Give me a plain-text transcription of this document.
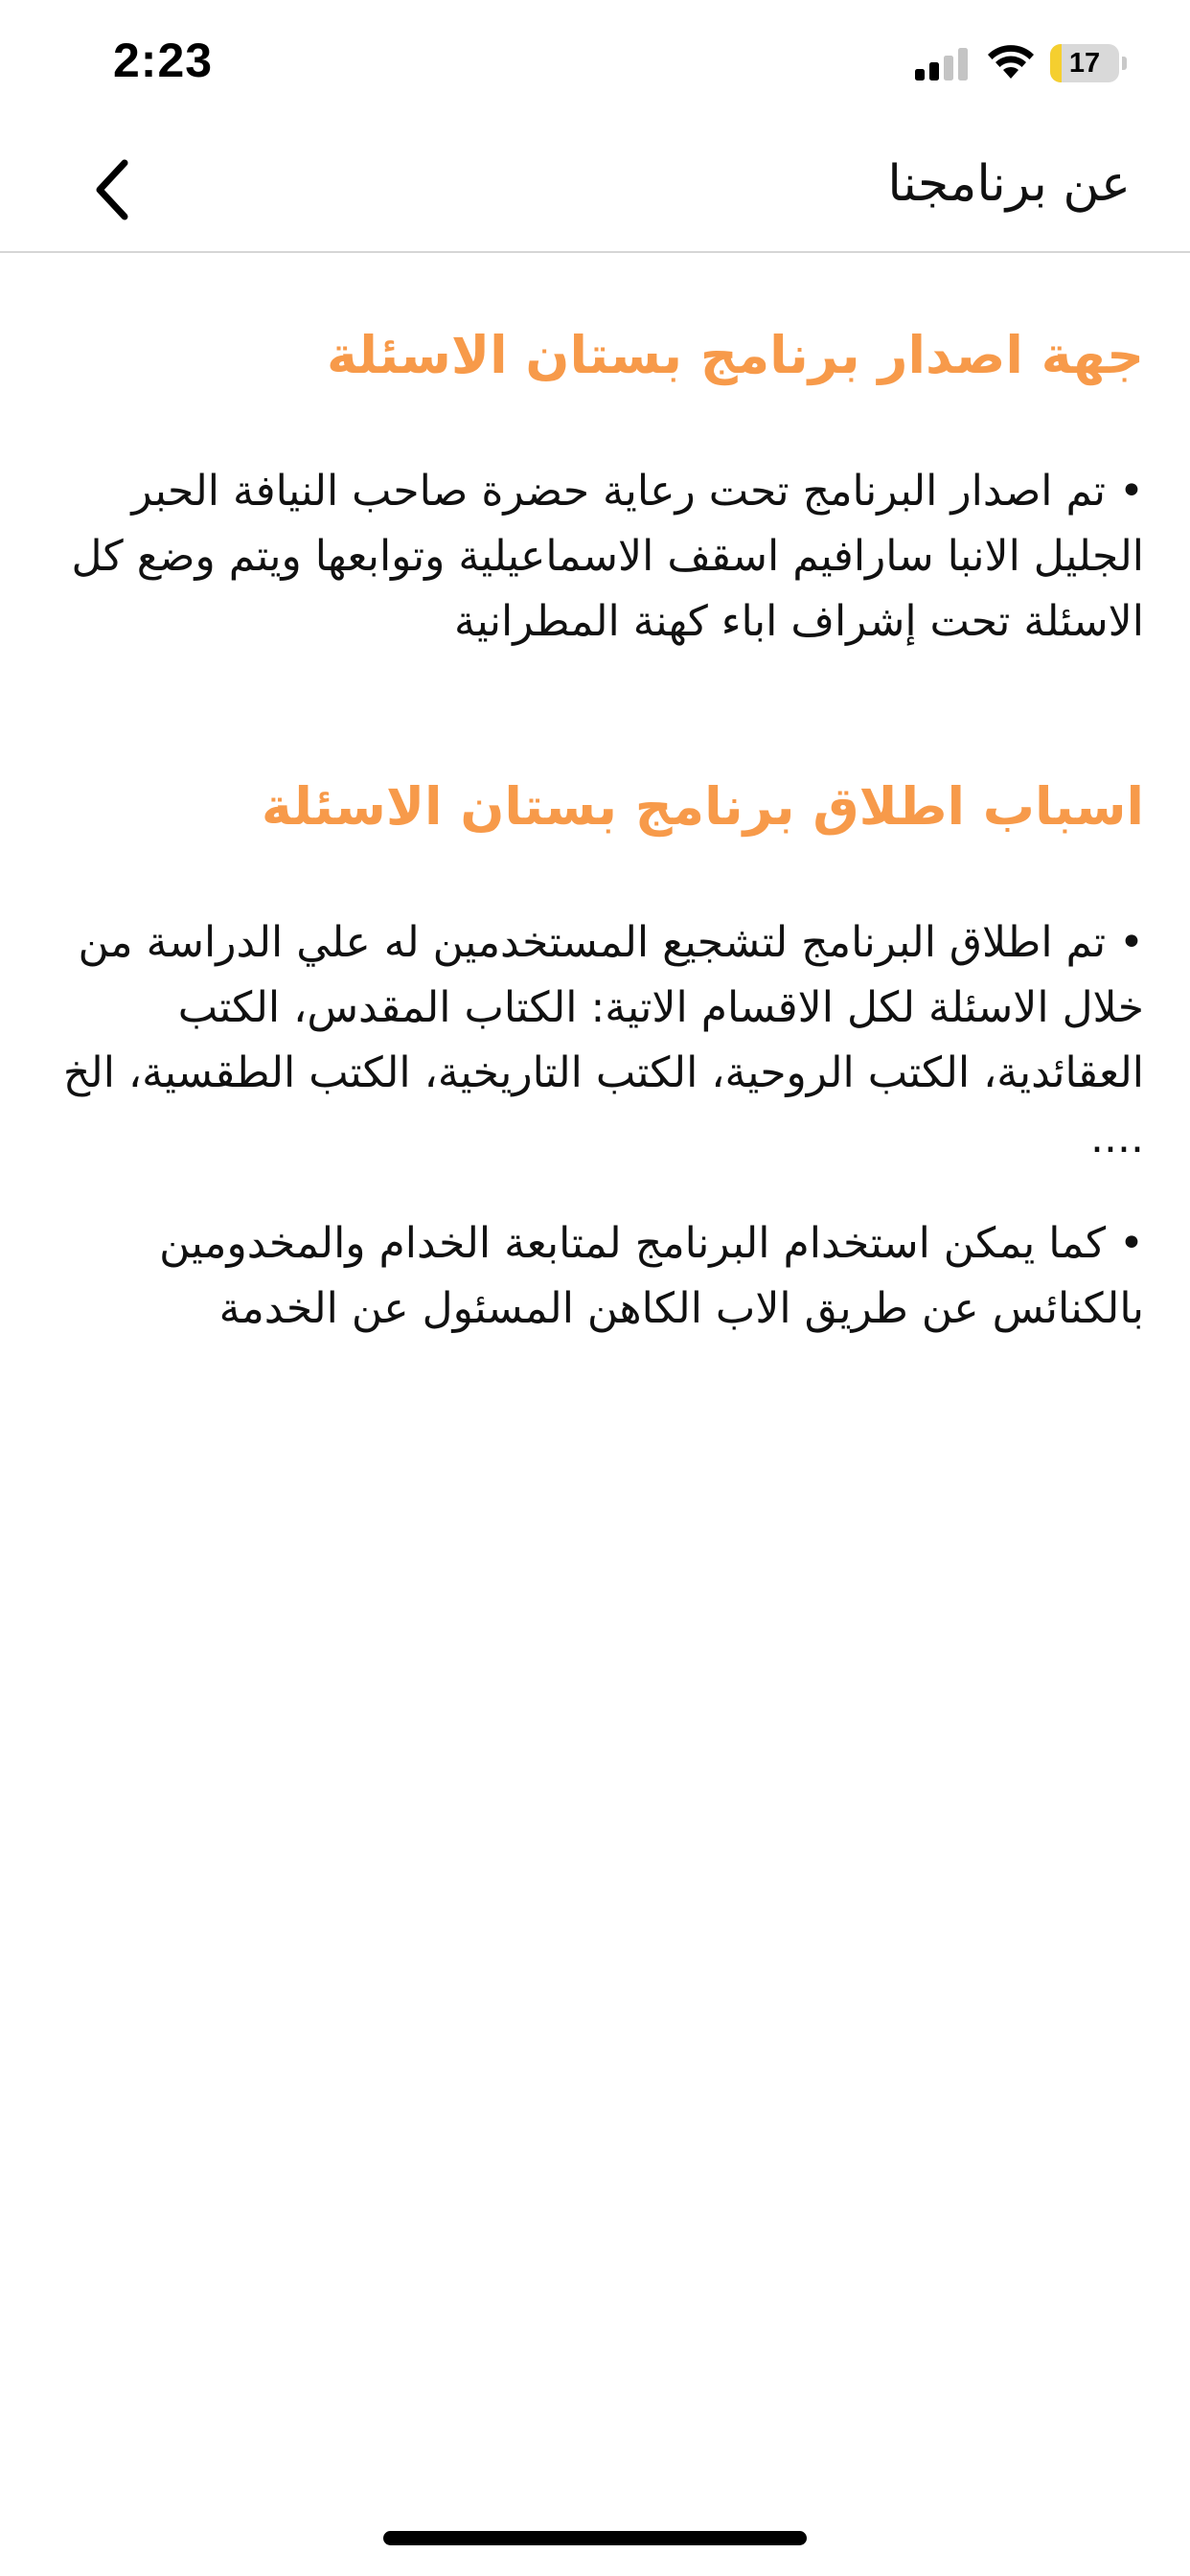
2:23	17
عن برنامجنا
جهة اصدار برنامج بستان الاسئلة

• تم اصدار البرنامج تحت رعاية حضرة صاحب النيافة الحبر الجليل الانبا سارافيم اسقف الاسماعيلية وتوابعها ويتم وضع كل الاسئلة تحت إشراف اباء كهنة المطرانية

اسباب اطلاق برنامج بستان الاسئلة

• تم اطلاق البرنامج لتشجيع المستخدمين له علي الدراسة من خلال الاسئلة لكل الاقسام الاتية: الكتاب المقدس، الكتب العقائدية، الكتب الروحية، الكتب التاريخية، الكتب الطقسية، الخ ....

• كما يمكن استخدام البرنامج لمتابعة الخدام والمخدومين بالكنائس عن طريق الاب الكاهن المسئول عن الخدمة
